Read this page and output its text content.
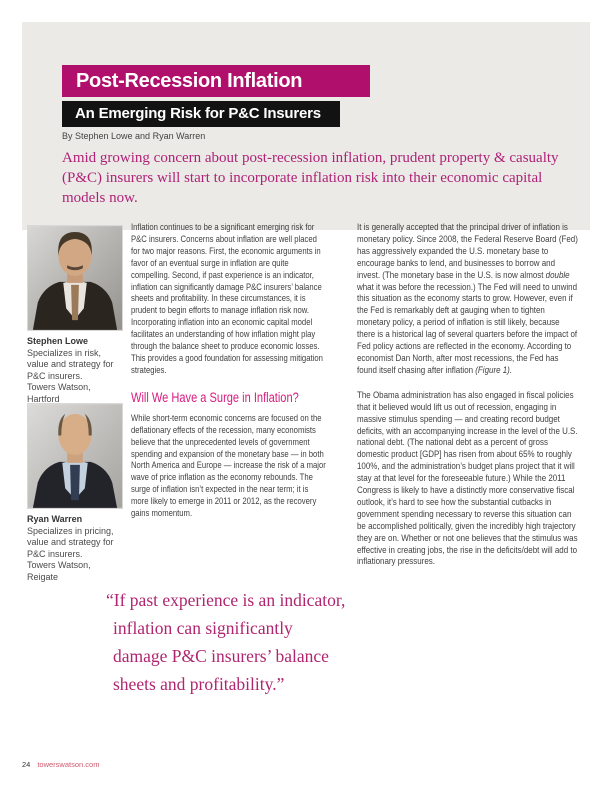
Post-Recession Inflation
An Emerging Risk for P&C Insurers
By Stephen Lowe and Ryan Warren
Amid growing concern about post-recession inflation, prudent property & casualty (P&C) insurers will start to incorporate inflation risk into their economic capital models now.
Stephen Lowe
Specializes in risk, value and strategy for P&C insurers.
Towers Watson, Hartford
Ryan Warren
Specializes in pricing, value and strategy for P&C insurers.
Towers Watson, Reigate

Inflation continues to be a significant emerging risk for P&C insurers. Concerns about inflation are well placed for two major reasons. First, the economic arguments in favor of an eventual surge in inflation are quite compelling. Second, if past experience is an indicator, inflation can significantly damage P&C insurers’ balance sheets and profitability. In these circumstances, it is prudent to begin efforts to manage inflation risk now. Incorporating inflation into an economic capital model facilitates an understanding of how inflation might play through the balance sheet to produce economic losses. This provides a good foundation for assessing mitigation strategies.

Will We Have a Surge in Inflation?

While short-term economic concerns are focused on the deflationary effects of the recession, many economists believe that the unprecedented levels of government spending and expansion of the monetary base — in both North America and Europe — increase the risk of a major wave of price inflation as the economy rebounds. The surge of inflation isn’t expected in the near term; it is more likely to emerge in 2011 or 2012, as the recovery gains momentum.

“If past experience is an indicator, inflation can significantly damage P&C insurers’ balance sheets and profitability.”

It is generally accepted that the principal driver of inflation is monetary policy. Since 2008, the Federal Reserve Board (Fed) has aggressively expanded the U.S. monetary base to encourage banks to lend, and businesses to borrow and invest. (The monetary base in the U.S. is now almost double what it was before the recession.) The Fed will need to unwind this situation as the economy starts to grow. However, even if the Fed is remarkably deft at gauging when to tighten monetary policy, a period of inflation is still likely, because there is a historical lag of several quarters before the impact of Fed policy actions are reflected in the economy. According to economist Dan North, after most recessions, the Fed has found itself chasing after inflation (Figure 1).

The Obama administration has also engaged in fiscal policies that it believed would lift us out of recession, engaging in massive stimulus spending — and creating record budget deficits, with an accompanying increase in the level of the U.S. national debt. (The national debt as a percent of gross domestic product [GDP] has risen from about 65% to roughly 100%, and the administration’s budget plans project that it will stay at that level for the foreseeable future.) While the 2011 Congress is likely to have a distinctly more conservative fiscal outlook, it’s hard to see how the substantial cutbacks in government spending necessary to reverse this situation can be accomplished politically, given the incredibly high trajectory they are on. Whether or not one believes that the stimulus was effective in creating jobs, the rise in the deficits/debt will add to inflationary pressures.

24 towerswatson.com
